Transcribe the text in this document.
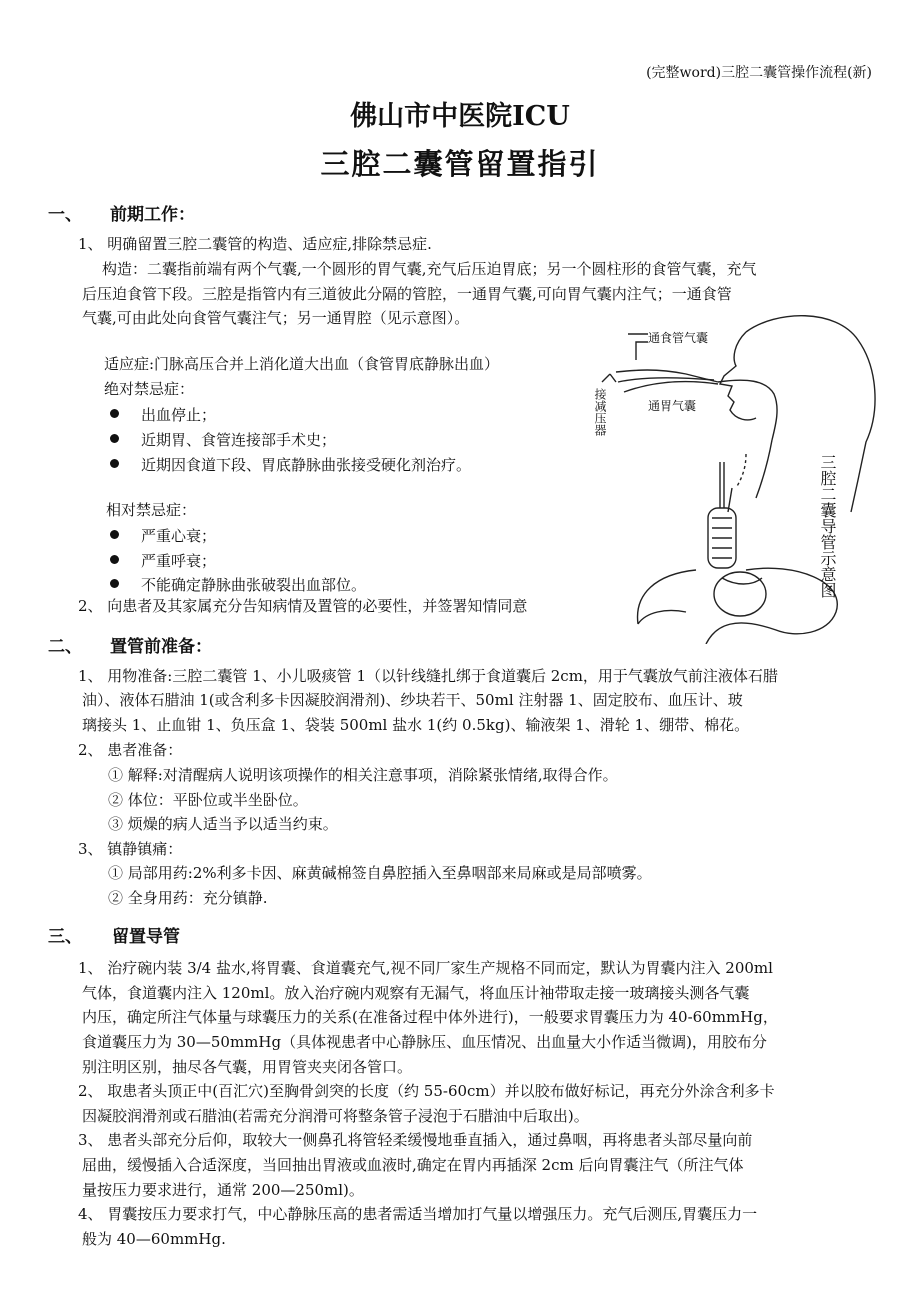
(完整word)三腔二囊管操作流程(新)
佛山市中医院ICU
三腔二囊管留置指引
一、 前期工作：
1、 明确留置三腔二囊管的构造、适应症,排除禁忌症.
构造：二囊指前端有两个气囊,一个圆形的胃气囊,充气后压迫胃底；另一个圆柱形的食管气囊，充气
后压迫食管下段。三腔是指管内有三道彼此分隔的管腔，一通胃气囊,可向胃气囊内注气；一通食管
气囊,可由此处向食管气囊注气；另一通胃腔（见示意图）。
适应症:门脉高压合并上消化道大出血（食管胃底静脉出血）
绝对禁忌症：
出血停止；
近期胃、食管连接部手术史；
近期因食道下段、胃底静脉曲张接受硬化剂治疗。
相对禁忌症：
严重心衰；
严重呼衰；
不能确定静脉曲张破裂出血部位。
2、 向患者及其家属充分告知病情及置管的必要性，并签署知情同意
通食管气囊
通胃气囊
接减压器
三腔二囊导管示意图
二、 置管前准备：
1、 用物准备:三腔二囊管 1、小儿吸痰管 1（以针线缝扎绑于食道囊后 2cm，用于气囊放气前注液体石腊
油）、液体石腊油 1(或含利多卡因凝胶润滑剂)、纱块若干、50ml 注射器 1、固定胶布、血压计、玻
璃接头 1、止血钳 1、负压盒 1、袋装 500ml 盐水 1(约 0.5kg)、输液架 1、滑轮 1、绷带、棉花。
2、 患者准备：
① 解释:对清醒病人说明该项操作的相关注意事项，消除紧张情绪,取得合作。
② 体位：平卧位或半坐卧位。
③ 烦燥的病人适当予以适当约束。
3、 镇静镇痛：
① 局部用药:2%利多卡因、麻黄碱棉签自鼻腔插入至鼻咽部来局麻或是局部喷雾。
② 全身用药：充分镇静.
三、 留置导管
1、 治疗碗内装 3/4 盐水,将胃囊、食道囊充气,视不同厂家生产规格不同而定，默认为胃囊内注入 200ml
气体，食道囊内注入 120ml。放入治疗碗内观察有无漏气，将血压计袖带取走接一玻璃接头测各气囊
内压，确定所注气体量与球囊压力的关系(在准备过程中体外进行)，一般要求胃囊压力为 40-60mmHg，
食道囊压力为 30—50mmHg（具体视患者中心静脉压、血压情况、出血量大小作适当微调)，用胶布分
别注明区别，抽尽各气囊，用胃管夹夹闭各管口。
2、 取患者头顶正中(百汇穴)至胸骨剑突的长度（约 55-60cm）并以胶布做好标记，再充分外涂含利多卡
因凝胶润滑剂或石腊油(若需充分润滑可将整条管子浸泡于石腊油中后取出)。
3、 患者头部充分后仰，取较大一侧鼻孔将管轻柔缓慢地垂直插入，通过鼻咽，再将患者头部尽量向前
屈曲，缓慢插入合适深度，当回抽出胃液或血液时,确定在胃内再插深 2cm 后向胃囊注气（所注气体
量按压力要求进行，通常 200—250ml)。
4、 胃囊按压力要求打气，中心静脉压高的患者需适当增加打气量以增强压力。充气后测压,胃囊压力一
般为 40—60mmHg.
